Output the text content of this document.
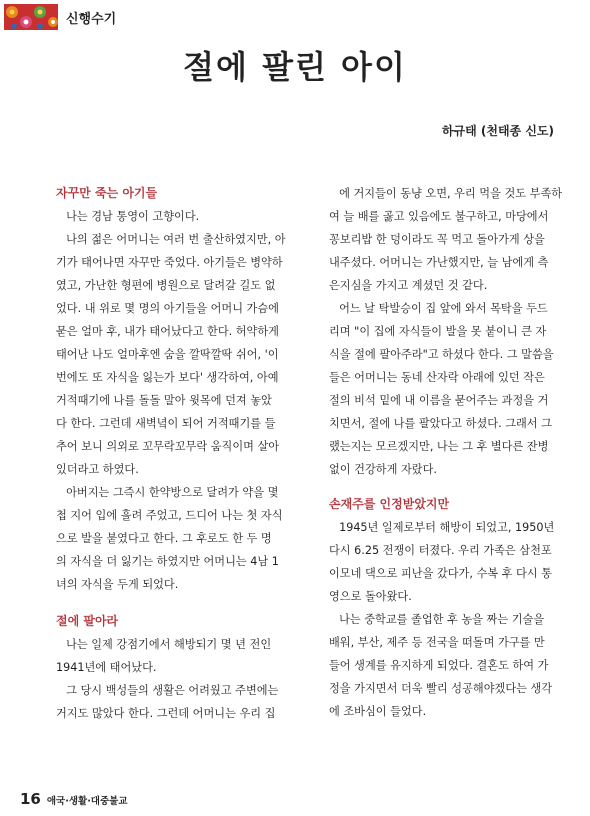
신행수기
절에 팔린 아이
하규태 (천태종 신도)
자꾸만 죽는 아기들

나는 경남 통영이 고향이다.

나의 젊은 어머니는 여러 번 출산하였지만, 아
기가 태어나면 자꾸만 죽었다. 아기들은 병약하
였고, 가난한 형편에 병원으로 달려갈 길도 없
었다. 내 위로 몇 명의 아기들을 어머니 가슴에
묻은 얼마 후, 내가 태어났다고 한다. 허약하게
태어난 나도 얼마후엔 숨을 깔딱깔딱 쉬어, '이
번에도 또 자식을 잃는가 보다' 생각하여, 아예
거적때기에 나를 돌돌 말아 윗목에 던져 놓았
다 한다. 그런데 새벽녘이 되어 거적때기를 들
추어 보니 의외로 꼬무락꼬무락 움직이며 살아
있더라고 하였다.

아버지는 그즉시 한약방으로 달려가 약을 몇
첩 지어 입에 흘려 주었고, 드디어 나는 첫 자식
으로 발을 붙였다고 한다. 그 후로도 한 두 명
의 자식을 더 잃기는 하였지만 어머니는 4남 1
녀의 자식을 두게 되었다.

절에 팔아라

나는 일제 강점기에서 해방되기 몇 년 전인
1941년에 태어났다.

그 당시 백성들의 생활은 어려웠고 주변에는
거지도 많았다 한다. 그런데 어머니는 우리 집

에 거지들이 동냥 오면, 우리 먹을 것도 부족하
여 늘 배를 곯고 있음에도 불구하고, 마당에서
꽁보리밥 한 덩이라도 꼭 먹고 돌아가게 상을
내주셨다. 어머니는 가난했지만, 늘 남에게 측
은지심을 가지고 계셨던 것 같다.

어느 날 탁발승이 집 앞에 와서 목탁을 두드
리며 "이 집에 자식들이 발을 못 붙이니 큰 자
식을 절에 팔아주라"고 하셨다 한다. 그 말씀을
들은 어머니는 동네 산자락 아래에 있던 작은
절의 비석 밑에 내 이름을 묻어주는 과정을 거
치면서, 절에 나를 팔았다고 하셨다. 그래서 그
랬는지는 모르겠지만, 나는 그 후 별다른 잔병
없이 건강하게 자랐다.

손재주를 인정받았지만

1945년 일제로부터 해방이 되었고, 1950년
다시 6.25 전쟁이 터졌다. 우리 가족은 삼천포
이모네 댁으로 피난을 갔다가, 수복 후 다시 통
영으로 돌아왔다.

나는 중학교를 졸업한 후 농을 짜는 기술을
배워, 부산, 제주 등 전국을 떠돌며 가구를 만
들어 생계를 유지하게 되었다. 결혼도 하여 가
정을 가지면서 더욱 빨리 성공해야겠다는 생각
에 조바심이 들었다.

16 애국·생활·대중불교
